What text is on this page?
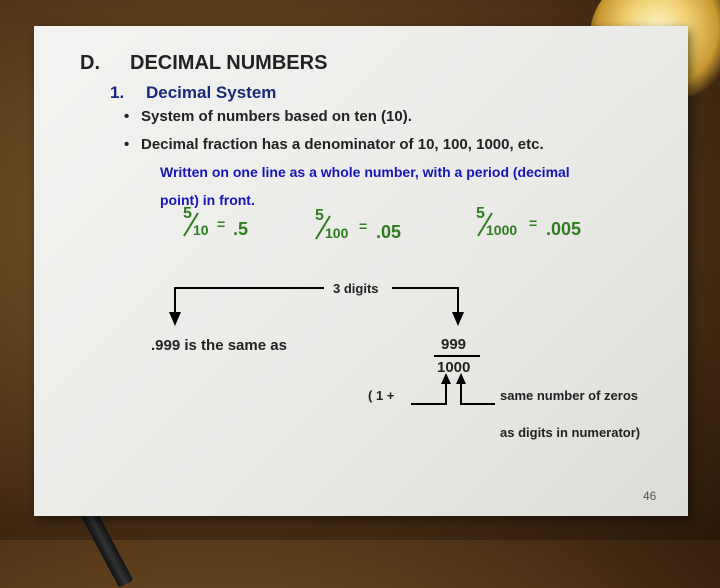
D. DECIMAL NUMBERS
1. Decimal System
• System of numbers based on ten (10).
• Decimal fraction has a denominator of 10, 100, 1000, etc.
Written on one line as a whole number, with a period (decimal
point) in front.
5
10 = .5
5
100 = .05
5
1000 = .005
3 digits
.999 is the same as	999
1000
( 1 +	same number of zeros
as digits in numerator)
46
